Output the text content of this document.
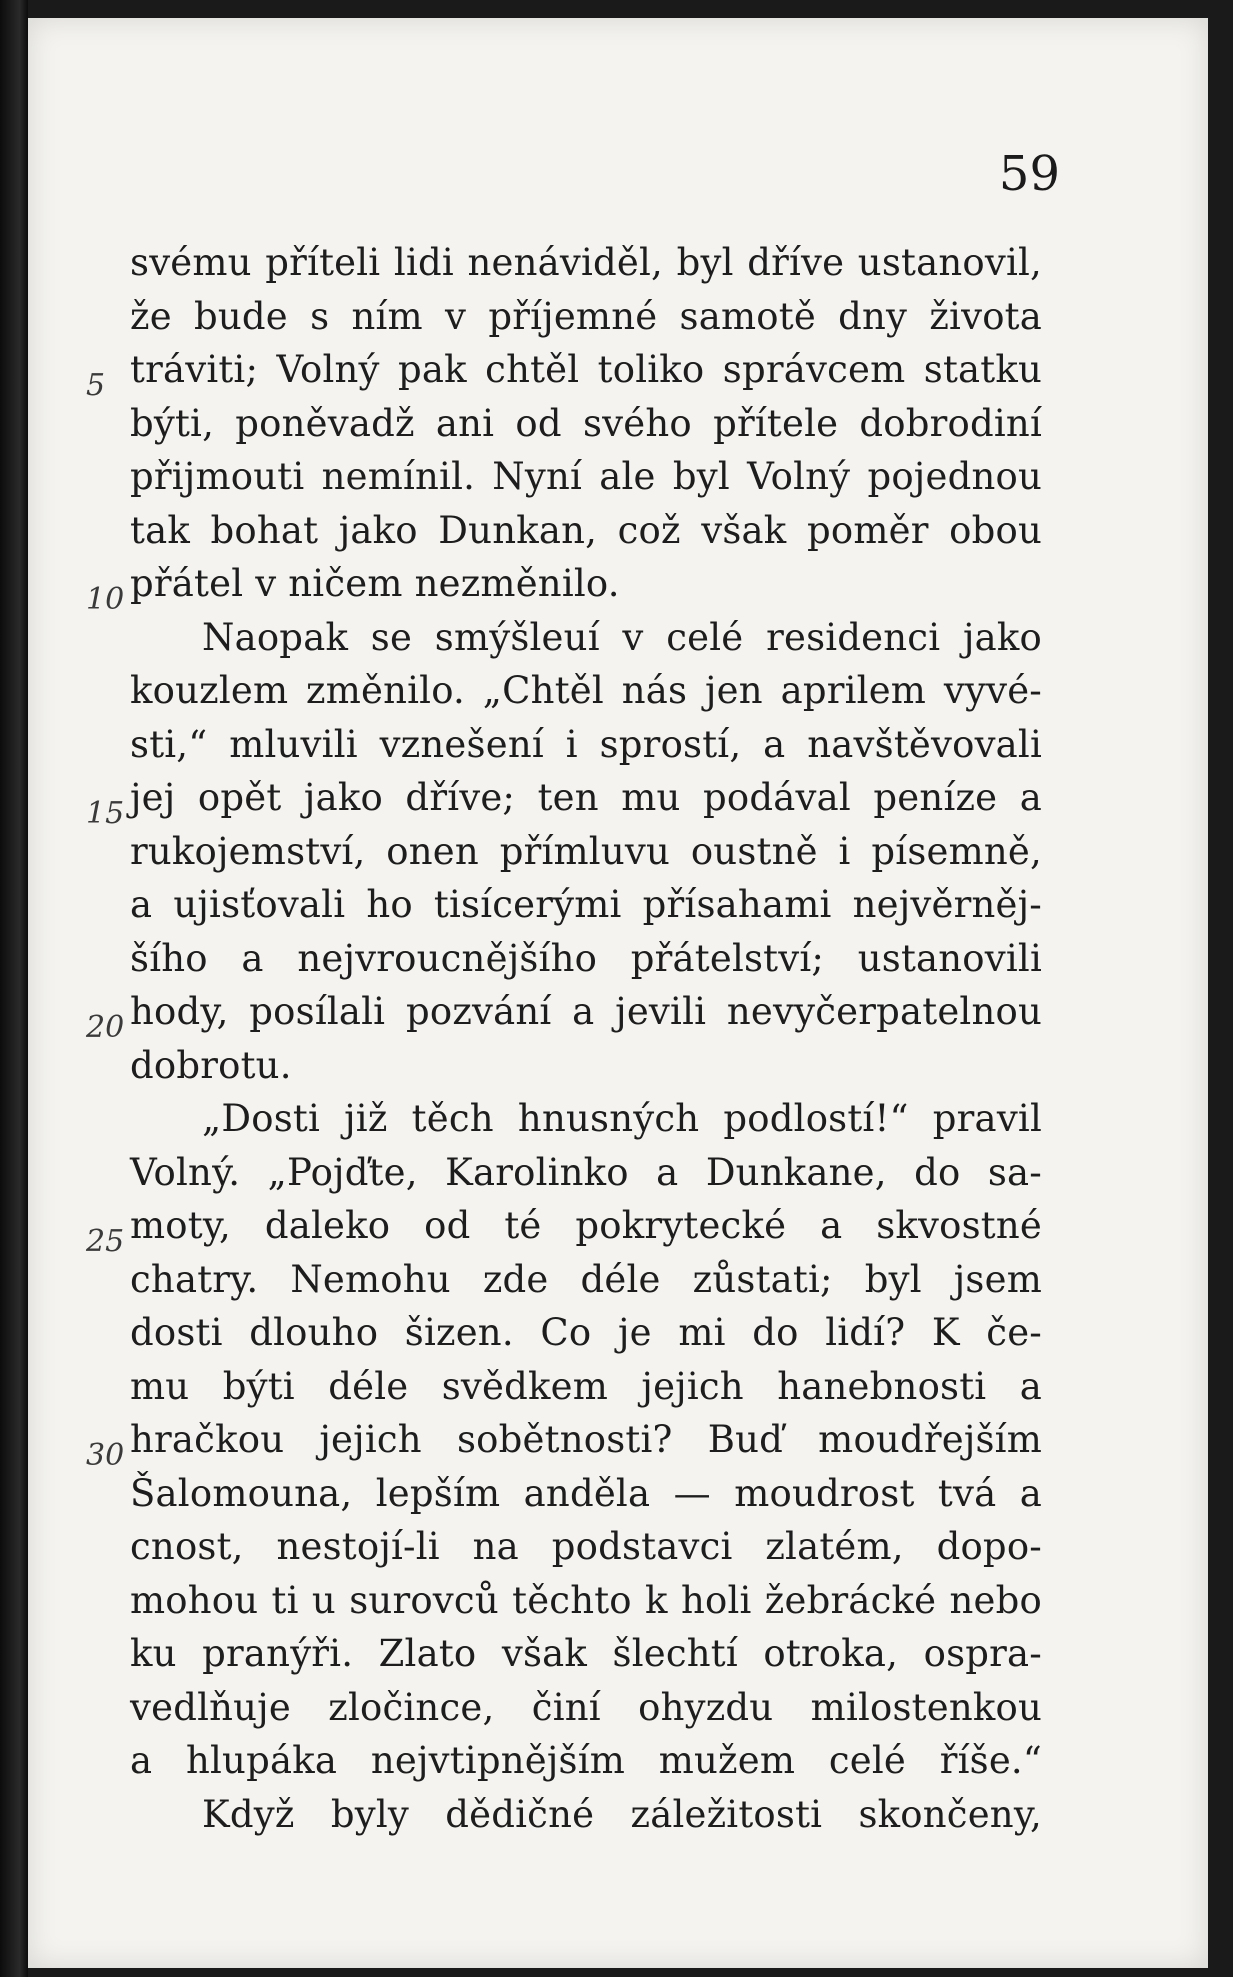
59
5
10
15
20
25
30
svému příteli lidi nenáviděl, byl dříve ustanovil,
že bude s ním v příjemné samotě dny života
tráviti; Volný pak chtěl toliko správcem statku
býti, poněvadž ani od svého přítele dobrodiní
přijmouti nemínil. Nyní ale byl Volný pojednou
tak bohat jako Dunkan, což však poměr obou
přátel v ničem nezměnilo.
Naopak se smýšleuí v celé residenci jako
kouzlem změnilo. „Chtěl nás jen aprilem vyvé-
sti,“ mluvili vznešení i sprostí, a navštěvovali
jej opět jako dříve; ten mu podával peníze a
rukojemství, onen přímluvu oustně i písemně,
a ujisťovali ho tisícerými přísahami nejvěrněj-
šího a nejvroucnějšího přátelství; ustanovili
hody, posílali pozvání a jevili nevyčerpatelnou
dobrotu.
„Dosti již těch hnusných podlostí!“ pravil
Volný. „Pojďte, Karolinko a Dunkane, do sa-
moty, daleko od té pokrytecké a skvostné
chatry. Nemohu zde déle zůstati; byl jsem
dosti dlouho šizen. Co je mi do lidí? K če-
mu býti déle svědkem jejich hanebnosti a
hračkou jejich sobětnosti? Buď moudřejším
Šalomouna, lepším anděla — moudrost tvá a
cnost, nestojí-li na podstavci zlatém, dopo-
mohou ti u surovců těchto k holi žebrácké nebo
ku pranýři. Zlato však šlechtí otroka, ospra-
vedlňuje zločince, činí ohyzdu milostenkou
a hlupáka nejvtipnějším mužem celé říše.“
Když byly dědičné záležitosti skončeny,
